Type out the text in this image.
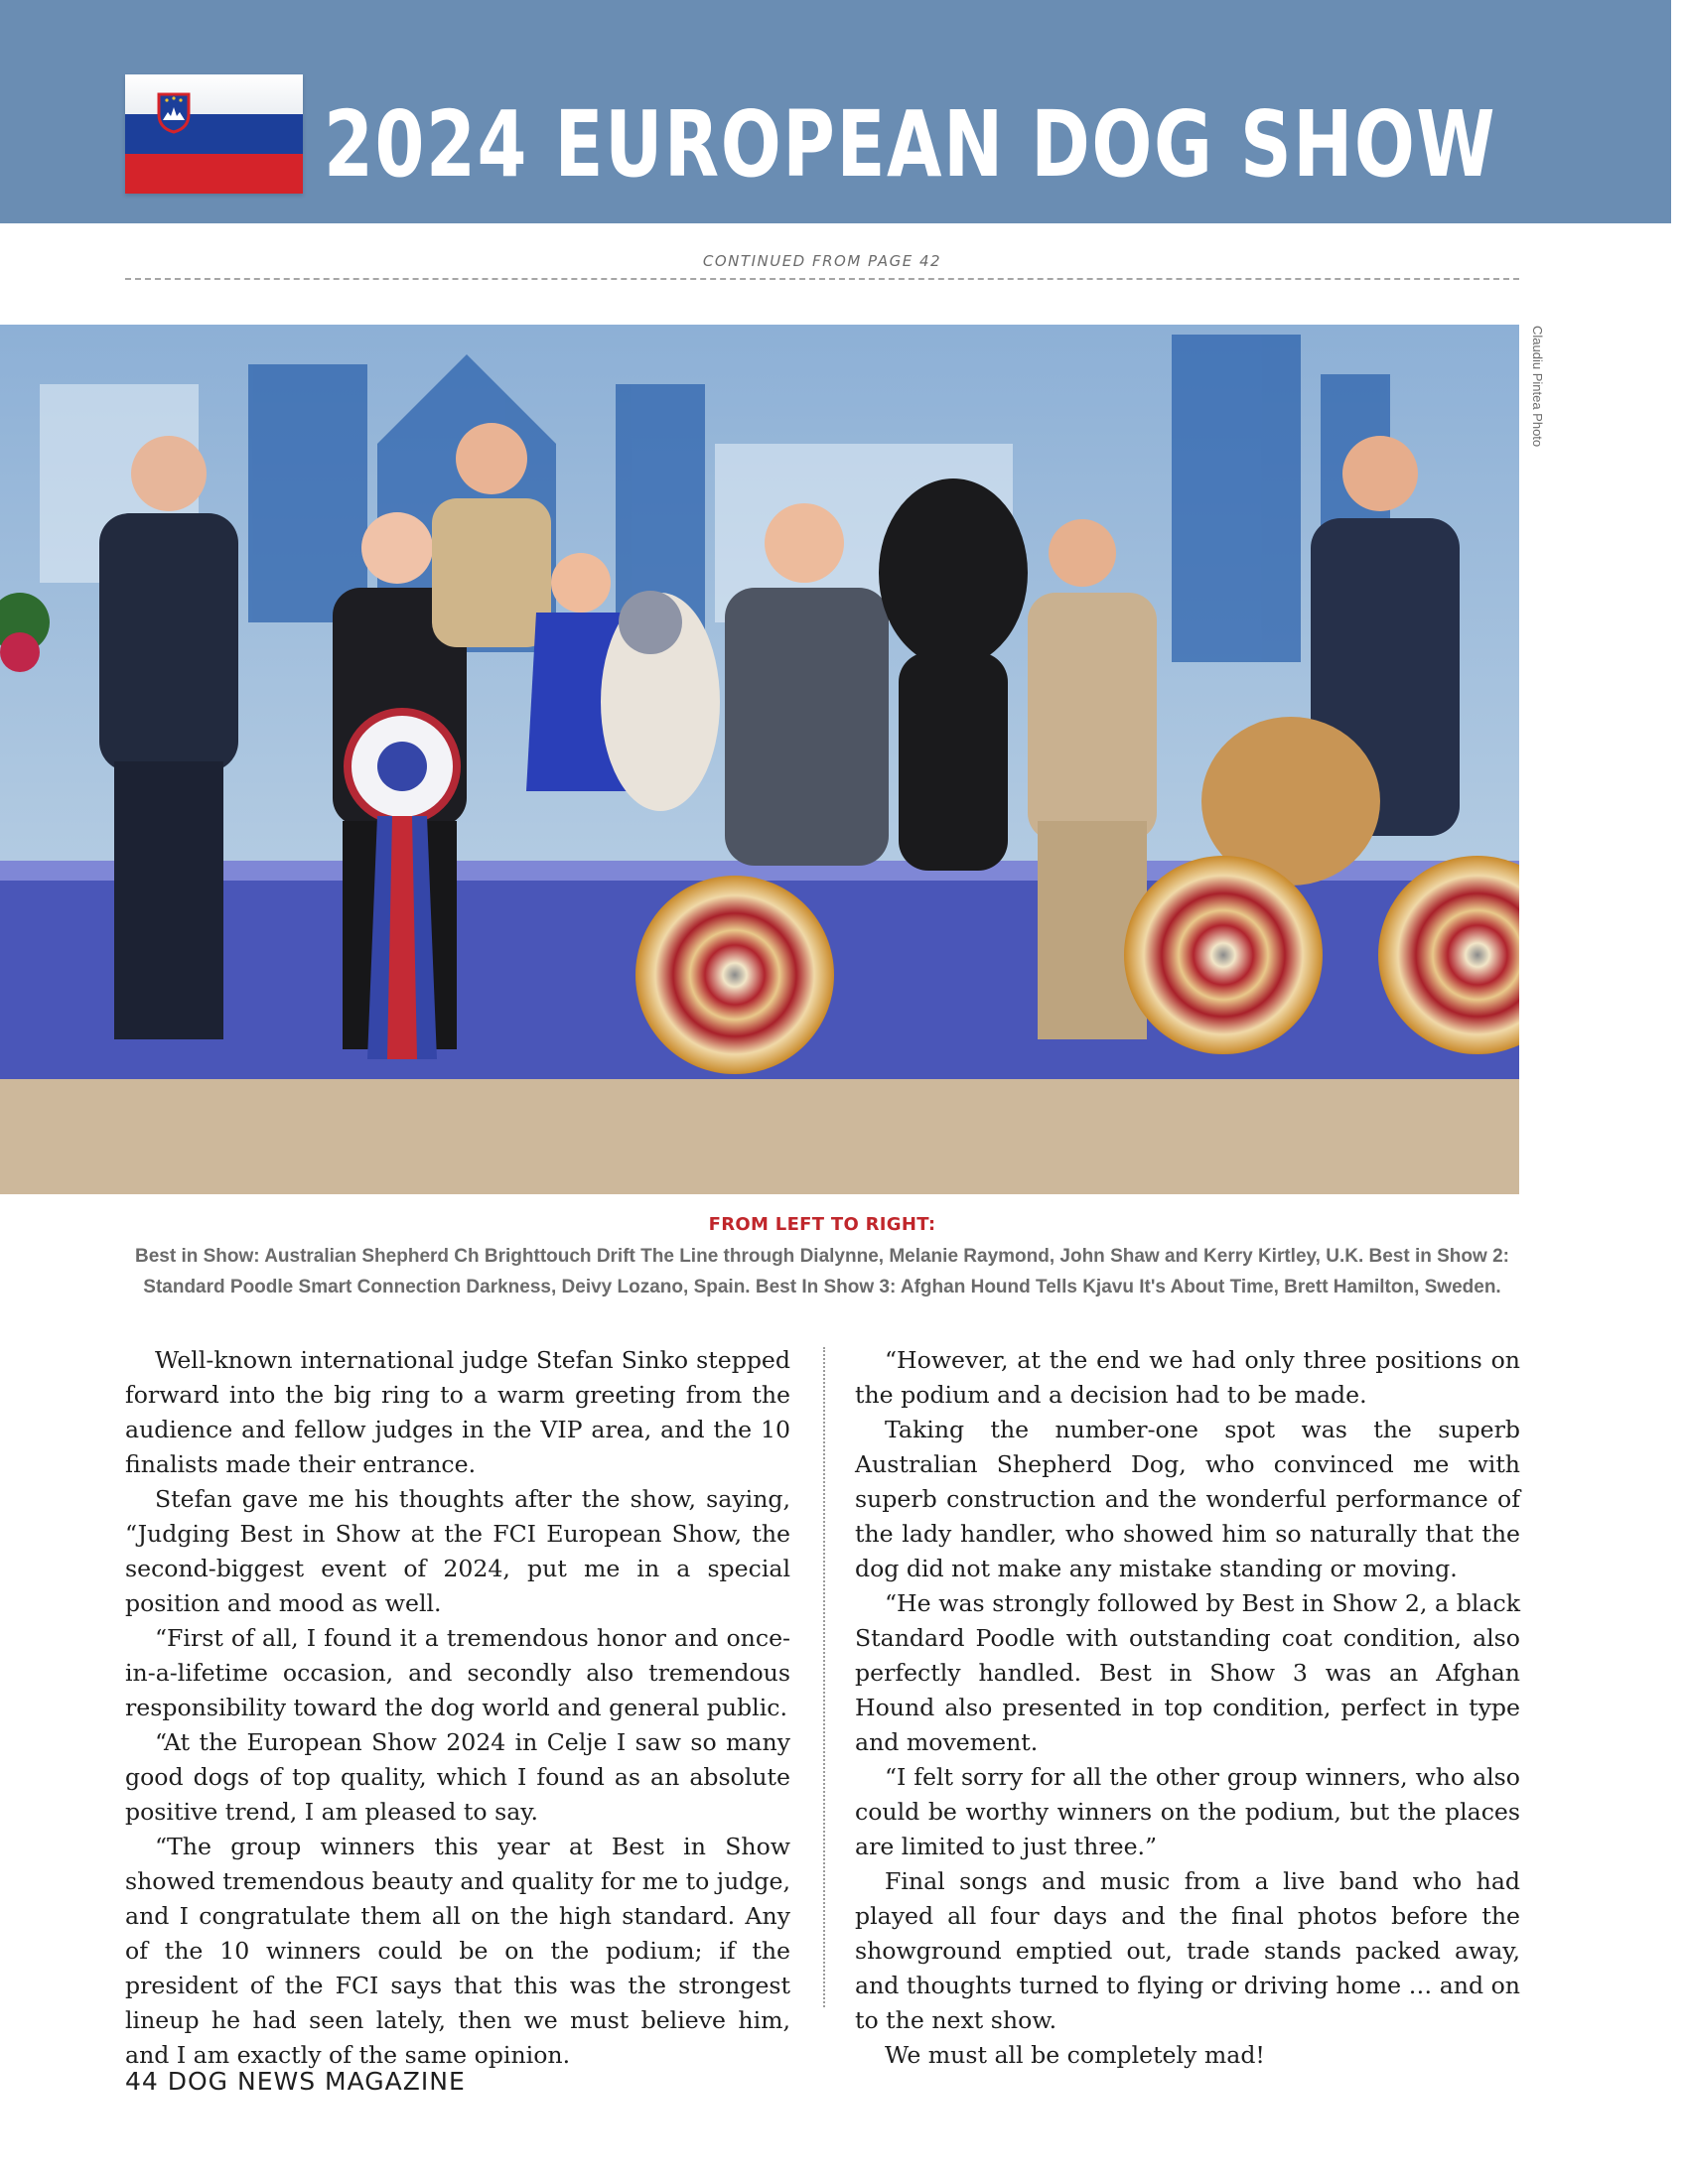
2024 EUROPEAN DOG SHOW
CONTINUED FROM PAGE 42
Claudiu Pintea Photo
FROM LEFT TO RIGHT:
Best in Show: Australian Shepherd Ch Brighttouch Drift The Line through Dialynne, Melanie Raymond, John Shaw and Kerry Kirtley, U.K. Best in Show 2: Standard Poodle Smart Connection Darkness, Deivy Lozano, Spain. Best In Show 3: Afghan Hound Tells Kjavu It's About Time, Brett Hamilton, Sweden.

Well-known international judge Stefan Sinko stepped forward into the big ring to a warm greeting from the audience and fellow judges in the VIP area, and the 10 finalists made their entrance.

Stefan gave me his thoughts after the show, saying, “Judging Best in Show at the FCI European Show, the second-biggest event of 2024, put me in a special position and mood as well.

“First of all, I found it a tremendous honor and once-in-a-lifetime occasion, and secondly also tremendous responsibility toward the dog world and general public.

“At the European Show 2024 in Celje I saw so many good dogs of top quality, which I found as an absolute positive trend, I am pleased to say.

“The group winners this year at Best in Show showed tremendous beauty and quality for me to judge, and I congratulate them all on the high standard. Any of the 10 winners could be on the podium; if the president of the FCI says that this was the strongest lineup he had seen lately, then we must believe him, and I am exactly of the same opinion.

“However, at the end we had only three positions on the podium and a decision had to be made.

Taking the number-one spot was the superb Australian Shepherd Dog, who convinced me with superb construction and the wonderful performance of the lady handler, who showed him so naturally that the dog did not make any mistake standing or moving.

“He was strongly followed by Best in Show 2, a black Standard Poodle with outstanding coat condition, also perfectly handled. Best in Show 3 was an Afghan Hound also presented in top condition, perfect in type and movement.

“I felt sorry for all the other group winners, who also could be worthy winners on the podium, but the places are limited to just three.”

Final songs and music from a live band who had played all four days and the final photos before the showground emptied out, trade stands packed away, and thoughts turned to flying or driving home … and on to the next show.

We must all be completely mad!

44 DOG NEWS MAGAZINE
